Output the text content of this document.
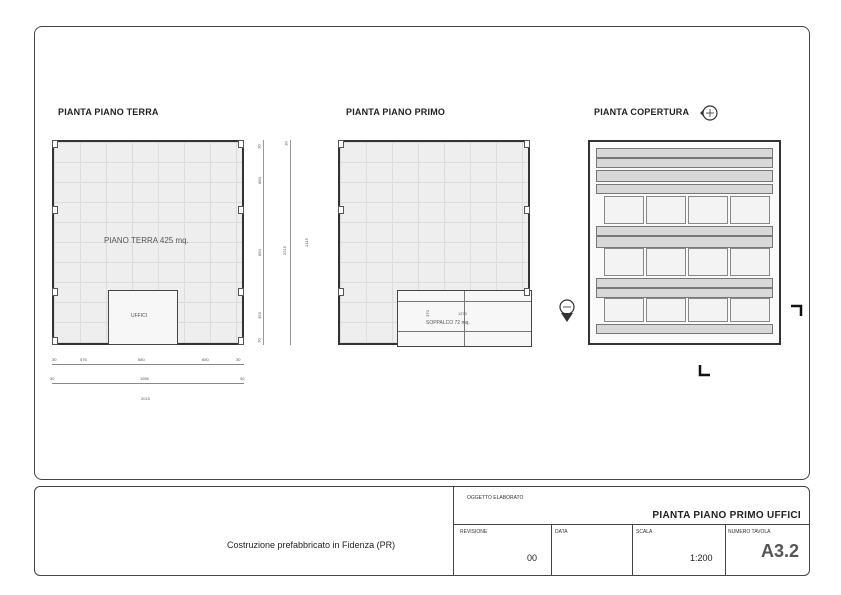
PIANTA PIANO TERRA	PIANTA PIANO PRIMO	PIANTA COPERTURA
PIANO TERRA 425 mq.
UFFICI
30	575	880	650	30
30	1955	30
2015
30
883
850
453
30
2215
2115
30
SOPPALCO 72 mq.
1270
370
OGGETTO ELABORATO
PIANTA PIANO PRIMO UFFICI
REVISIONE
00
DATA	SCALA
1:200
NUMERO TAVOLA
A3.2
Costruzione prefabbricato in Fidenza (PR)
